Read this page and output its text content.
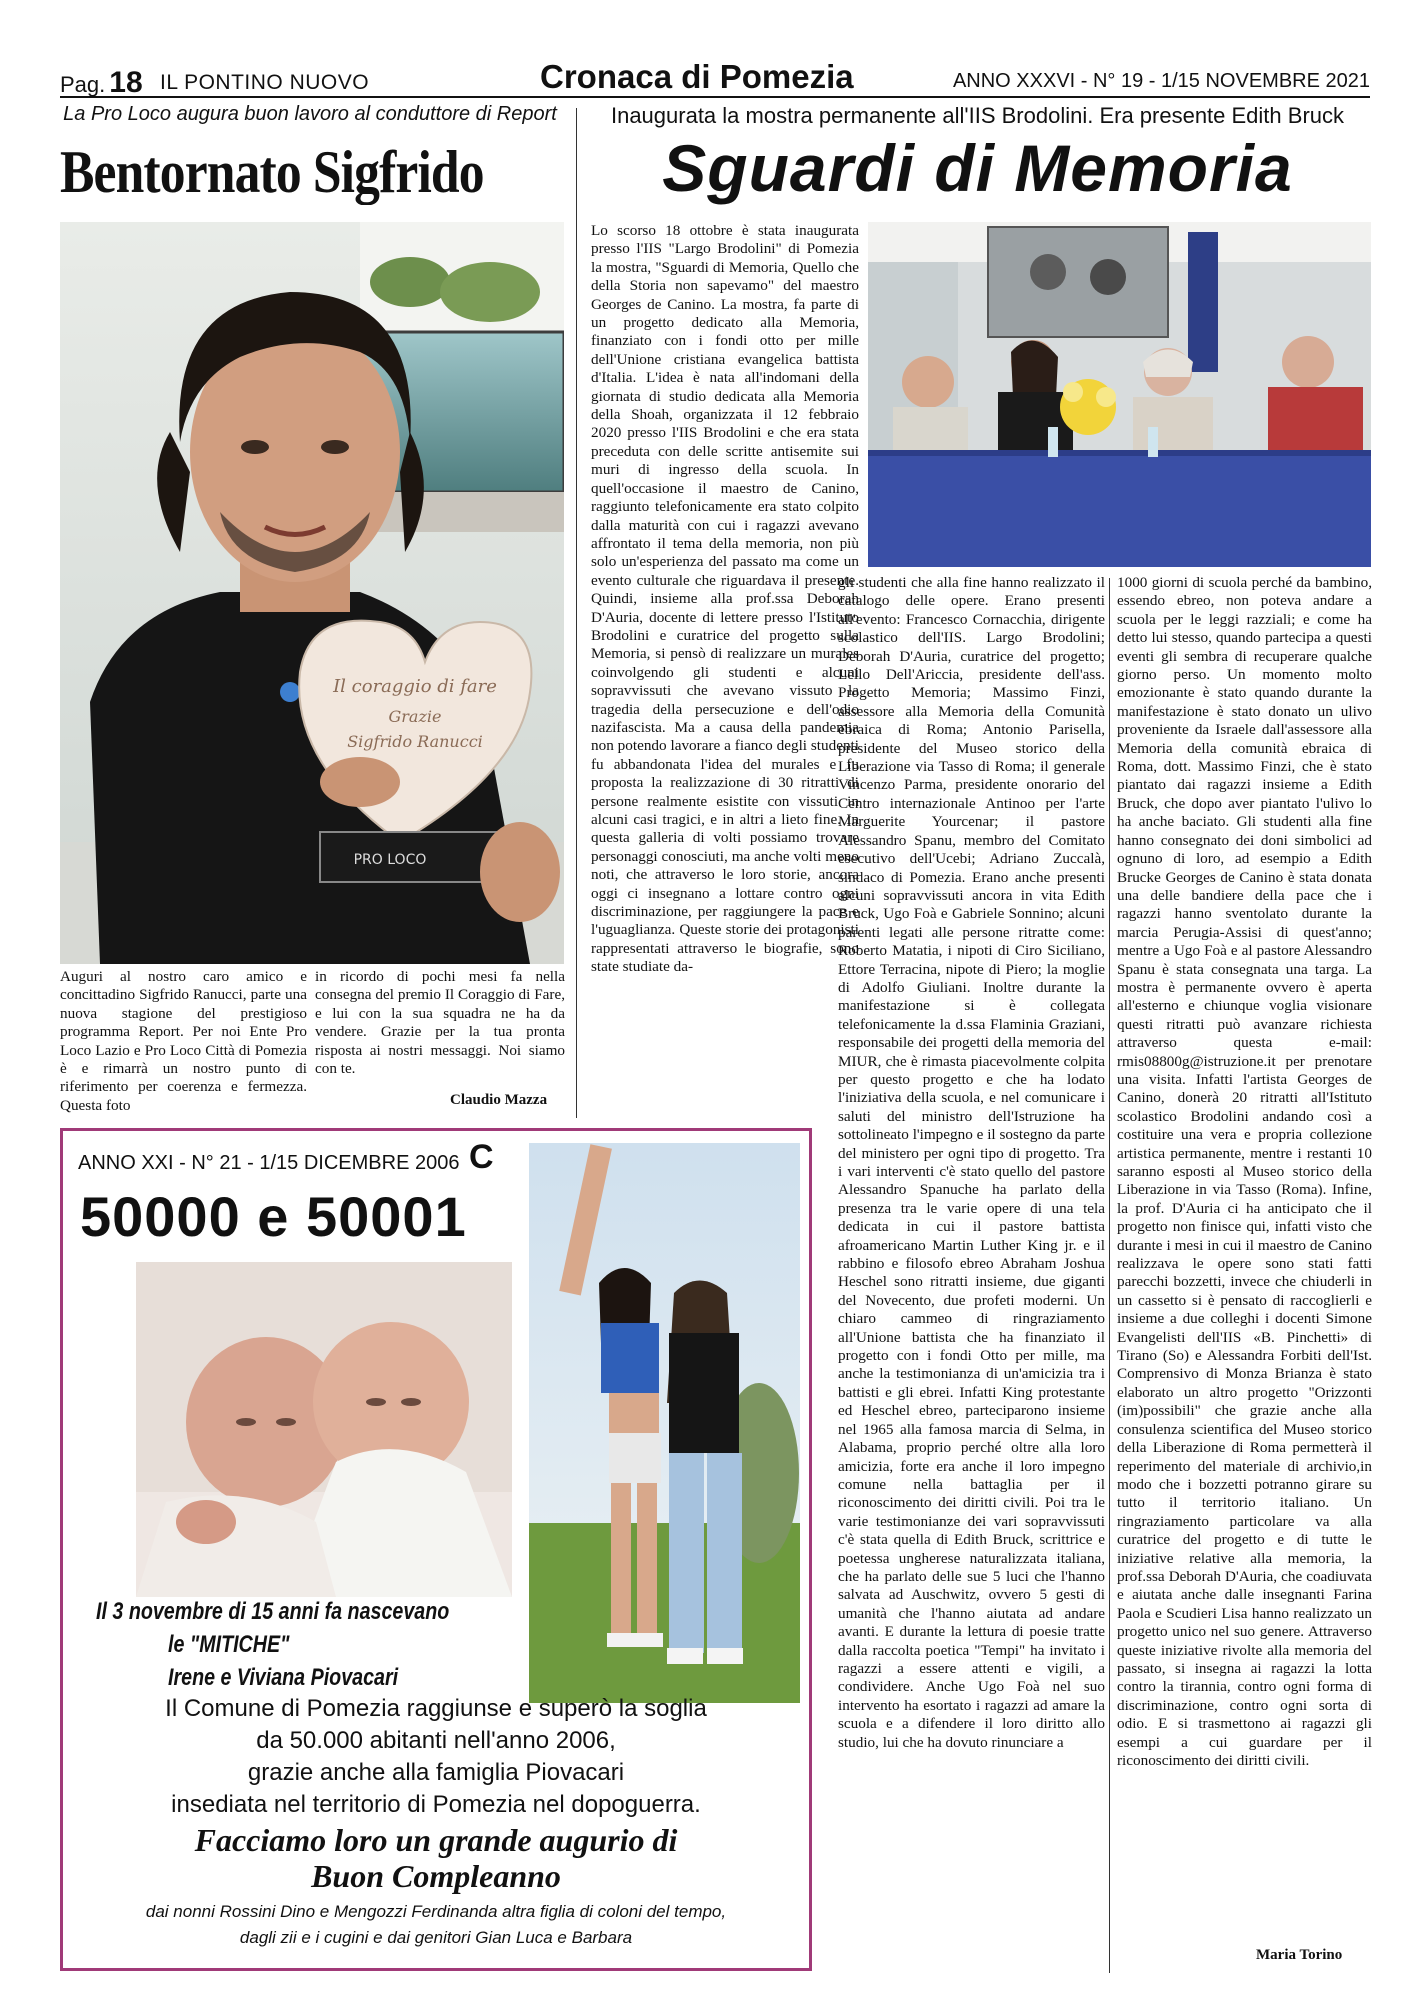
Pag. 18 IL PONTINO NUOVO	Cronaca di Pomezia	ANNO XXXVI - N° 19 - 1/15 NOVEMBRE 2021
La Pro Loco augura buon lavoro al conduttore di Report
Bentornato Sigfrido
Il coraggio di fare
Grazie
Sigfrido Ranucci
PRO LOCO
Auguri al nostro caro amico e concittadino Sigfrido Ranucci, parte una nuova stagione del prestigioso programma Report. Per noi Ente Pro Loco Lazio e Pro Loco Città di Pomezia è e rimarrà un nostro punto di riferimento per coerenza e fermezza. Questa foto
in ricordo di pochi mesi fa nella consegna del premio Il Coraggio di Fare, e lui con la sua squadra ne ha da vendere. Grazie per la tua pronta risposta ai nostri messaggi. Noi siamo con te.
Claudio Mazza
Inaugurata la mostra permanente all'IIS Brodolini. Era presente Edith Bruck
Sguardi di Memoria
Lo scorso 18 ottobre è stata inaugurata presso l'IIS "Largo Brodolini" di Pomezia la mostra, "Sguardi di Memoria, Quello che della Storia non sapevamo" del maestro Georges de Canino. La mostra, fa parte di un progetto dedicato alla Memoria, finanziato con i fondi otto per mille dell'Unione cristiana evangelica battista d'Italia. L'idea è nata all'indomani della giornata di studio dedicata alla Memoria della Shoah, organizzata il 12 febbraio 2020 presso l'IIS Brodolini e che era stata preceduta con delle scritte antisemite sui muri di ingresso della scuola. In quell'occasione il maestro de Canino, raggiunto telefonicamente era stato colpito dalla maturità con cui i ragazzi avevano affrontato il tema della memoria, non più solo un'esperienza del passato ma come un evento culturale che riguardava il presente. Quindi, insieme alla prof.ssa Deborah D'Auria, docente di lettere presso l'Istituto Brodolini e curatrice del progetto sulla Memoria, si pensò di realizzare un murales coinvolgendo gli studenti e alcuni sopravvissuti che avevano vissuto la tragedia della persecuzione e dell'odio nazifascista. Ma a causa della pandemia non potendo lavorare a fianco degli studenti fu abbandonata l'idea del murales e fu proposta la realizzazione di 30 ritratti di persone realmente esistite con vissuti in alcuni casi tragici, e in altri a lieto fine. In questa galleria di volti possiamo trovare personaggi conosciuti, ma anche volti meno noti, che attraverso le loro storie, ancora oggi ci insegnano a lottare contro ogni discriminazione, per raggiungere la pace e l'uguaglianza. Queste storie dei protagonisti rappresentati attraverso le biografie, sono state studiate da-
gli studenti che alla fine hanno realizzato il catalogo delle opere. Erano presenti all'evento: Francesco Cornacchia, dirigente scolastico dell'IIS. Largo Brodolini; Deborah D'Auria, curatrice del progetto; Lello Dell'Ariccia, presidente dell'ass. Progetto Memoria; Massimo Finzi, assessore alla Memoria della Comunità ebraica di Roma; Antonio Parisella, presidente del Museo storico della Liberazione via Tasso di Roma; il generale Vincenzo Parma, presidente onorario del Centro internazionale Antinoo per l'arte Marguerite Yourcenar; il pastore Alessandro Spanu, membro del Comitato esecutivo dell'Ucebi; Adriano Zuccalà, sindaco di Pomezia. Erano anche presenti alcuni sopravvissuti ancora in vita Edith Bruck, Ugo Foà e Gabriele Sonnino; alcuni parenti legati alle persone ritratte come: Roberto Matatia, i nipoti di Ciro Siciliano, Ettore Terracina, nipote di Piero; la moglie di Adolfo Giuliani. Inoltre durante la manifestazione si è collegata telefonicamente la d.ssa Flaminia Graziani, responsabile dei progetti della memoria del MIUR, che è rimasta piacevolmente colpita per questo progetto e che ha lodato l'iniziativa della scuola, e nel comunicare i saluti del ministro dell'Istruzione ha sottolineato l'impegno e il sostegno da parte del ministero per ogni tipo di progetto. Tra i vari interventi c'è stato quello del pastore Alessandro Spanuche ha parlato della presenza tra le varie opere di una tela dedicata in cui il pastore battista afroamericano Martin Luther King jr. e il rabbino e filosofo ebreo Abraham Joshua Heschel sono ritratti insieme, due giganti del Novecento, due profeti moderni. Un chiaro cammeo di ringraziamento all'Unione battista che ha finanziato il progetto con i fondi Otto per mille, ma anche la testimonianza di un'amicizia tra i battisti e gli ebrei. Infatti King protestante ed Heschel ebreo, parteciparono insieme nel 1965 alla famosa marcia di Selma, in Alabama, proprio perché oltre alla loro amicizia, forte era anche il loro impegno comune nella battaglia per il riconoscimento dei diritti civili. Poi tra le varie testimonianze dei vari sopravvissuti c'è stata quella di Edith Bruck, scrittrice e poetessa ungherese naturalizzata italiana, che ha parlato delle sue 5 luci che l'hanno salvata ad Auschwitz, ovvero 5 gesti di umanità che l'hanno aiutata ad andare avanti. E durante la lettura di poesie tratte dalla raccolta poetica "Tempi" ha invitato i ragazzi a essere attenti e vigili, a condividere. Anche Ugo Foà nel suo intervento ha esortato i ragazzi ad amare la scuola e a difendere il loro diritto allo studio, lui che ha dovuto rinunciare a
1000 giorni di scuola perché da bambino, essendo ebreo, non poteva andare a scuola per le leggi razziali; e come ha detto lui stesso, quando partecipa a questi eventi gli sembra di recuperare qualche giorno perso. Un momento molto emozionante è stato quando durante la manifestazione è stato donato un ulivo proveniente da Israele dall'assessore alla Memoria della comunità ebraica di Roma, dott. Massimo Finzi, che è stato piantato dai ragazzi insieme a Edith Bruck, che dopo aver piantato l'ulivo lo ha anche baciato. Gli studenti alla fine hanno consegnato dei doni simbolici ad ognuno di loro, ad esempio a Edith Brucke Georges de Canino è stata donata una delle bandiere della pace che i ragazzi hanno sventolato durante la marcia Perugia-Assisi di quest'anno; mentre a Ugo Foà e al pastore Alessandro Spanu è stata consegnata una targa. La mostra è permanente ovvero è aperta all'esterno e chiunque voglia visionare questi ritratti può avanzare richiesta attraverso questa e-mail: rmis08800g@istruzione.it per prenotare una visita. Infatti l'artista Georges de Canino, donerà 20 ritratti all'Istituto scolastico Brodolini andando così a costituire una vera e propria collezione artistica permanente, mentre i restanti 10 saranno esposti al Museo storico della Liberazione in via Tasso (Roma). Infine, la prof. D'Auria ci ha anticipato che il progetto non finisce qui, infatti visto che durante i mesi in cui il maestro de Canino realizzava le opere sono stati fatti parecchi bozzetti, invece che chiuderli in un cassetto si è pensato di raccoglierli e insieme a due colleghi i docenti Simone Evangelisti dell'IIS «B. Pinchetti» di Tirano (So) e Alessandra Forbiti dell'Ist. Comprensivo di Monza Brianza è stato elaborato un altro progetto "Orizzonti (im)possibili" che grazie anche alla consulenza scientifica del Museo storico della Liberazione di Roma permetterà il reperimento del materiale di archivio,in modo che i bozzetti potranno girare su tutto il territorio italiano. Un ringraziamento particolare va alla curatrice del progetto e di tutte le iniziative relative alla memoria, la prof.ssa Deborah D'Auria, che coadiuvata e aiutata anche dalle insegnanti Farina Paola e Scudieri Lisa hanno realizzato un progetto unico nel suo genere. Attraverso queste iniziative rivolte alla memoria del passato, si insegna ai ragazzi la lotta contro la tirannia, contro ogni forma di discriminazione, contro ogni sorta di odio. E si trasmettono ai ragazzi gli esempi a cui guardare per il riconoscimento dei diritti civili.
Maria Torino
ANNO XXI - N° 21 - 1/15 DICEMBRE 2006 C
50000 e 50001
Il 3 novembre di 15 anni fa nascevano
le "MITICHE"
Irene e Viviana Piovacari
Il Comune di Pomezia raggiunse e superò la soglia
da 50.000 abitanti nell'anno 2006,
grazie anche alla famiglia Piovacari
insediata nel territorio di Pomezia nel dopoguerra.
Facciamo loro un grande augurio di
Buon Compleanno
dai nonni Rossini Dino e Mengozzi Ferdinanda altra figlia di coloni del tempo,
dagli zii e i cugini e dai genitori Gian Luca e Barbara
